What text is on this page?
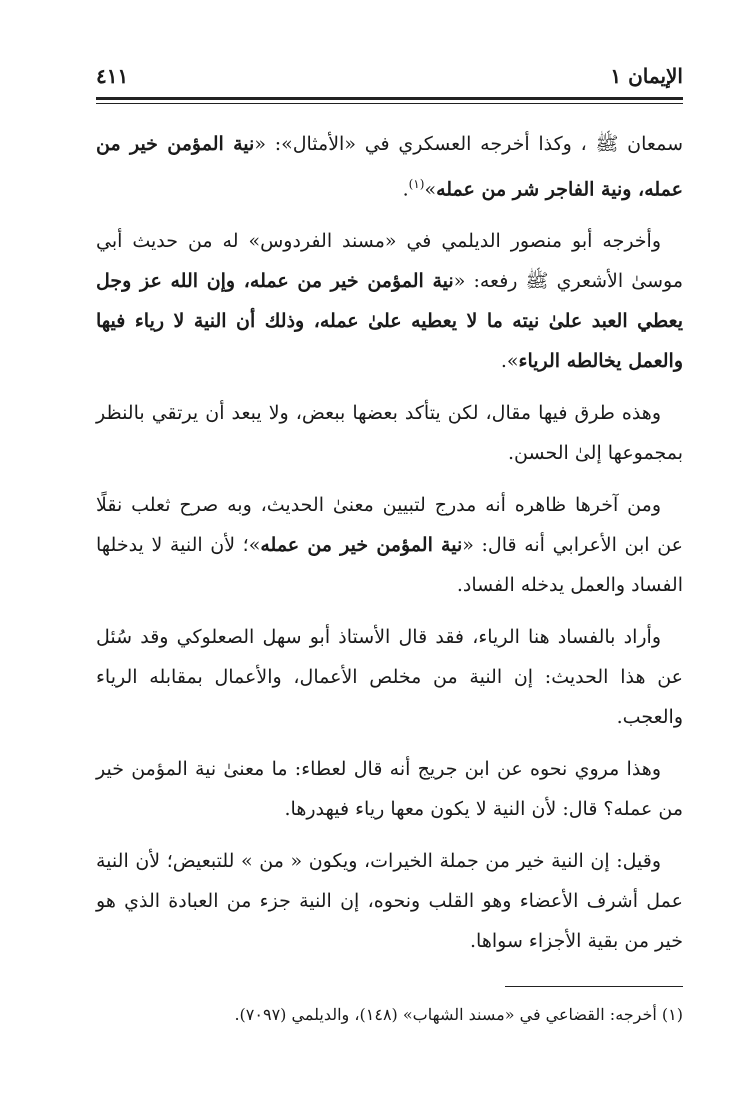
الإيمان ١
٤١١

سمعان ﷺ ، وكذا أخرجه العسكري في «الأمثال»: «نية المؤمن خير من عمله، ونية الفاجر شر من عمله»$^{(١)}$.

وأخرجه أبو منصور الديلمي في «مسند الفردوس» له من حديث أبي موسىٰ الأشعري ﷺ رفعه: «نية المؤمن خير من عمله، وإن الله عز وجل يعطي العبد علىٰ نيته ما لا يعطيه علىٰ عمله، وذلك أن النية لا رياء فيها والعمل يخالطه الرياء».

وهذه طرق فيها مقال، لكن يتأكد بعضها ببعض، ولا يبعد أن يرتقي بالنظر بمجموعها إلىٰ الحسن.

ومن آخرها ظاهره أنه مدرج لتبيين معنىٰ الحديث، وبه صرح ثعلب نقلًا عن ابن الأعرابي أنه قال: «نية المؤمن خير من عمله»؛ لأن النية لا يدخلها الفساد والعمل يدخله الفساد.

وأراد بالفساد هنا الرياء، فقد قال الأستاذ أبو سهل الصعلوكي وقد سُئل عن هذا الحديث: إن النية من مخلص الأعمال، والأعمال بمقابله الرياء والعجب.

وهذا مروي نحوه عن ابن جريج أنه قال لعطاء: ما معنىٰ نية المؤمن خير من عمله؟ قال: لأن النية لا يكون معها رياء فيهدرها.

وقيل: إن النية خير من جملة الخيرات، ويكون « من » للتبعيض؛ لأن النية عمل أشرف الأعضاء وهو القلب ونحوه، إن النية جزء من العبادة الذي هو خير من بقية الأجزاء سواها.

(١) أخرجه: القضاعي في «مسند الشهاب» (١٤٨)، والديلمي (٧٠٩٧).
